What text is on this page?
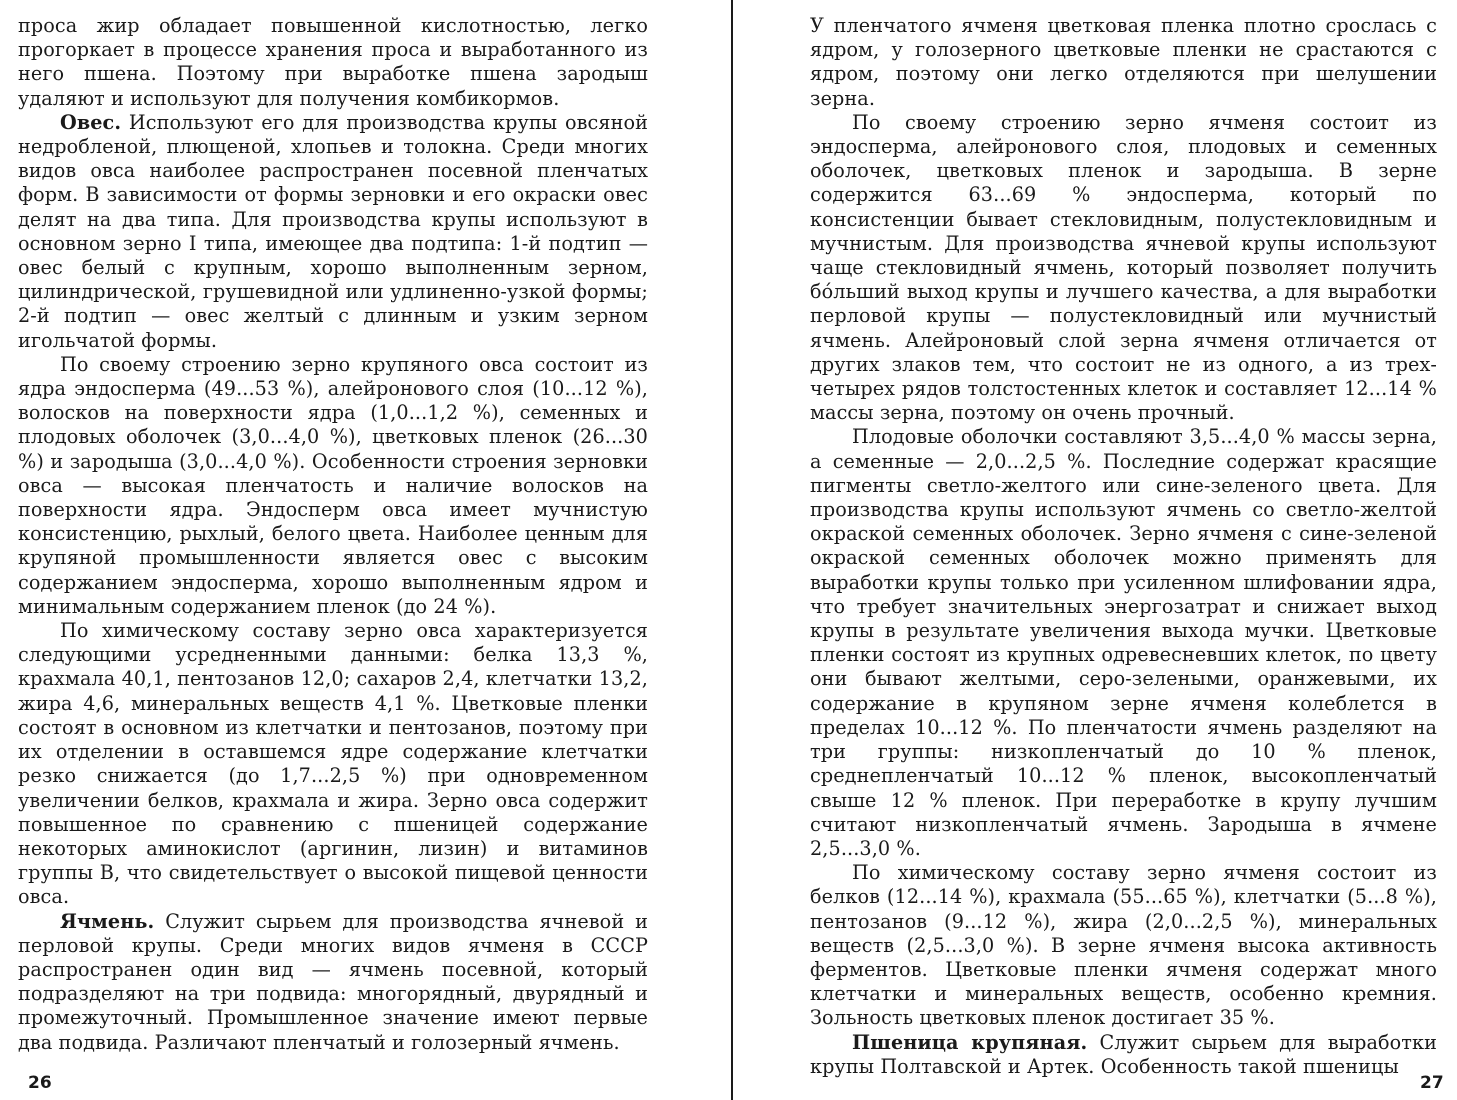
проса жир обладает повышенной кислотностью, легко прогоркает в процессе хранения проса и выработанного из него пшена. Поэтому при выработке пшена зародыш удаляют и используют для получения комбикормов.

Овес. Используют его для производства крупы овсяной недробленой, плющеной, хлопьев и толокна. Среди многих видов овса наиболее распространен посевной пленчатых форм. В зависимости от формы зерновки и его окраски овес делят на два типа. Для производства крупы используют в основном зерно I типа, имеющее два подтипа: 1-й подтип — овес белый с крупным, хорошо выполненным зерном, цилиндрической, грушевидной или удлиненно-узкой формы; 2-й подтип — овес желтый с длинным и узким зерном игольчатой формы.

По своему строению зерно крупяного овса состоит из ядра эндосперма (49...53 %), алейронового слоя (10...12 %), волосков на поверхности ядра (1,0...1,2 %), семенных и плодовых оболочек (3,0...4,0 %), цветковых пленок (26...30 %) и зародыша (3,0...4,0 %). Особенности строения зерновки овса — высокая пленчатость и наличие волосков на поверхности ядра. Эндосперм овса имеет мучнистую консистенцию, рыхлый, белого цвета. Наиболее ценным для крупяной промышленности является овес с высоким содержанием эндосперма, хорошо выполненным ядром и минимальным содержанием пленок (до 24 %).

По химическому составу зерно овса характеризуется следующими усредненными данными: белка 13,3 %, крахмала 40,1, пентозанов 12,0; сахаров 2,4, клетчатки 13,2, жира 4,6, минеральных веществ 4,1 %. Цветковые пленки состоят в основном из клетчатки и пентозанов, поэтому при их отделении в оставшемся ядре содержание клетчатки резко снижается (до 1,7...2,5 %) при одновременном увеличении белков, крахмала и жира. Зерно овса содержит повышенное по сравнению с пшеницей содержание некоторых аминокислот (аргинин, лизин) и витаминов группы В, что свидетельствует о высокой пищевой ценности овса.

Ячмень. Служит сырьем для производства ячневой и перловой крупы. Среди многих видов ячменя в СССР распространен один вид — ячмень посевной, который подразделяют на три подвида: многорядный, двурядный и промежуточный. Промышленное значение имеют первые два подвида. Различают пленчатый и голозерный ячмень.

26

У пленчатого ячменя цветковая пленка плотно срослась с ядром, у голозерного цветковые пленки не срастаются с ядром, поэтому они легко отделяются при шелушении зерна.

По своему строению зерно ячменя состоит из эндосперма, алейронового слоя, плодовых и семенных оболочек, цветковых пленок и зародыша. В зерне содержится 63...69 % эндосперма, который по консистенции бывает стекловидным, полустекловидным и мучнистым. Для производства ячневой крупы используют чаще стекловидный ячмень, который позволяет получить бо́льший выход крупы и лучшего качества, а для выработки перловой крупы — полустекловидный или мучнистый ячмень. Алейроновый слой зерна ячменя отличается от других злаков тем, что состоит не из одного, а из трех-четырех рядов толстостенных клеток и составляет 12...14 % массы зерна, поэтому он очень прочный.

Плодовые оболочки составляют 3,5...4,0 % массы зерна, а семенные — 2,0...2,5 %. Последние содержат красящие пигменты светло-желтого или сине-зеленого цвета. Для производства крупы используют ячмень со светло-желтой окраской семенных оболочек. Зерно ячменя с сине-зеленой окраской семенных оболочек можно применять для выработки крупы только при усиленном шлифовании ядра, что требует значительных энергозатрат и снижает выход крупы в результате увеличения выхода мучки. Цветковые пленки состоят из крупных одревесневших клеток, по цвету они бывают желтыми, серо-зелеными, оранжевыми, их содержание в крупяном зерне ячменя колеблется в пределах 10...12 %. По пленчатости ячмень разделяют на три группы: низкопленчатый до 10 % пленок, среднепленчатый 10...12 % пленок, высокопленчатый свыше 12 % пленок. При переработке в крупу лучшим считают низкопленчатый ячмень. Зародыша в ячмене 2,5...3,0 %.

По химическому составу зерно ячменя состоит из белков (12...14 %), крахмала (55...65 %), клетчатки (5...8 %), пентозанов (9...12 %), жира (2,0...2,5 %), минеральных веществ (2,5...3,0 %). В зерне ячменя высока активность ферментов. Цветковые пленки ячменя содержат много клетчатки и минеральных веществ, особенно кремния. Зольность цветковых пленок достигает 35 %.

Пшеница крупяная. Служит сырьем для выработки крупы Полтавской и Артек. Особенность такой пшеницы

27
